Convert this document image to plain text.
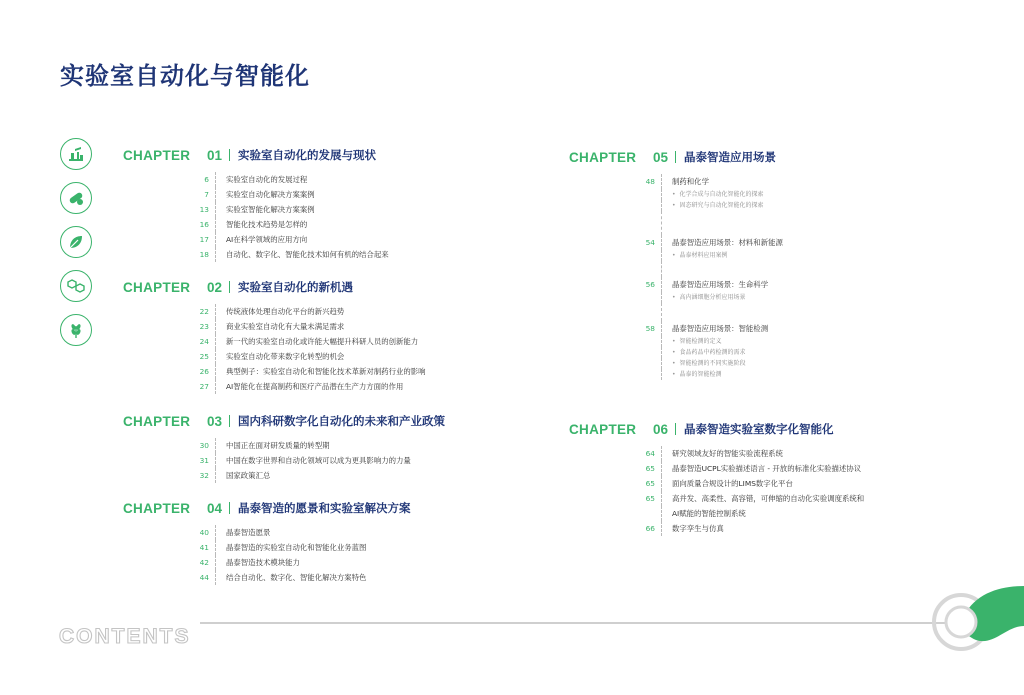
实验室自动化与智能化
CHAPTER	01	实验室自动化的发展与现状
6 实验室自动化的发展过程
7 实验室自动化解决方案案例
13 实验室智能化解决方案案例
16 智能化技术趋势是怎样的
17 AI在科学领域的应用方向
18 自动化、数字化、智能化技术如何有机的结合起来
CHAPTER	02	实验室自动化的新机遇
22 传统液体处理自动化平台的新兴趋势
23 商业实验室自动化有大量未满足需求
24 新一代的实验室自动化或许能大幅提升科研人员的创新能力
25 实验室自动化带来数字化转型的机会
26 典型例子：实验室自动化和智能化技术革新对制药行业的影响
27 AI智能化在提高制药和医疗产品潜在生产力方面的作用
CHAPTER	03	国内科研数字化自动化的未来和产业政策
30 中国正在面对研发质量的转型期
31 中国在数字世界和自动化领域可以成为更具影响力的力量
32 国家政策汇总
CHAPTER	04	晶泰智造的愿景和实验室解决方案
40 晶泰智造愿景
41 晶泰智造的实验室自动化和智能化业务蓝图
42 晶泰智造技术模块能力
44 结合自动化、数字化、智能化解决方案特色
CHAPTER	05	晶泰智造应用场景
48 制药和化学
• 化学合成与自动化智能化的探索
• 固态研究与自动化智能化的探索
54 晶泰智造应用场景：材料和新能源
• 晶泰材料应用案例
56 晶泰智造应用场景：生命科学
• 高内涵细胞分析应用场景
58 晶泰智造应用场景：智能检测
• 智能检测的定义
• 食品药品中药检测的需求
• 智能检测的不同实施阶段
• 晶泰的智能检测
CHAPTER	06	晶泰智造实验室数字化智能化
64 研究领域友好的智能实验流程系统
65 晶泰智造UCPL实验描述语言 - 开放的标准化实验描述协议
65 面向质量合规设计的LIMS数字化平台
65 高并发、高柔性、高容错，可伸缩的自动化实验调度系统和
AI赋能的智能控制系统
66 数字孪生与仿真
CONTENTS
